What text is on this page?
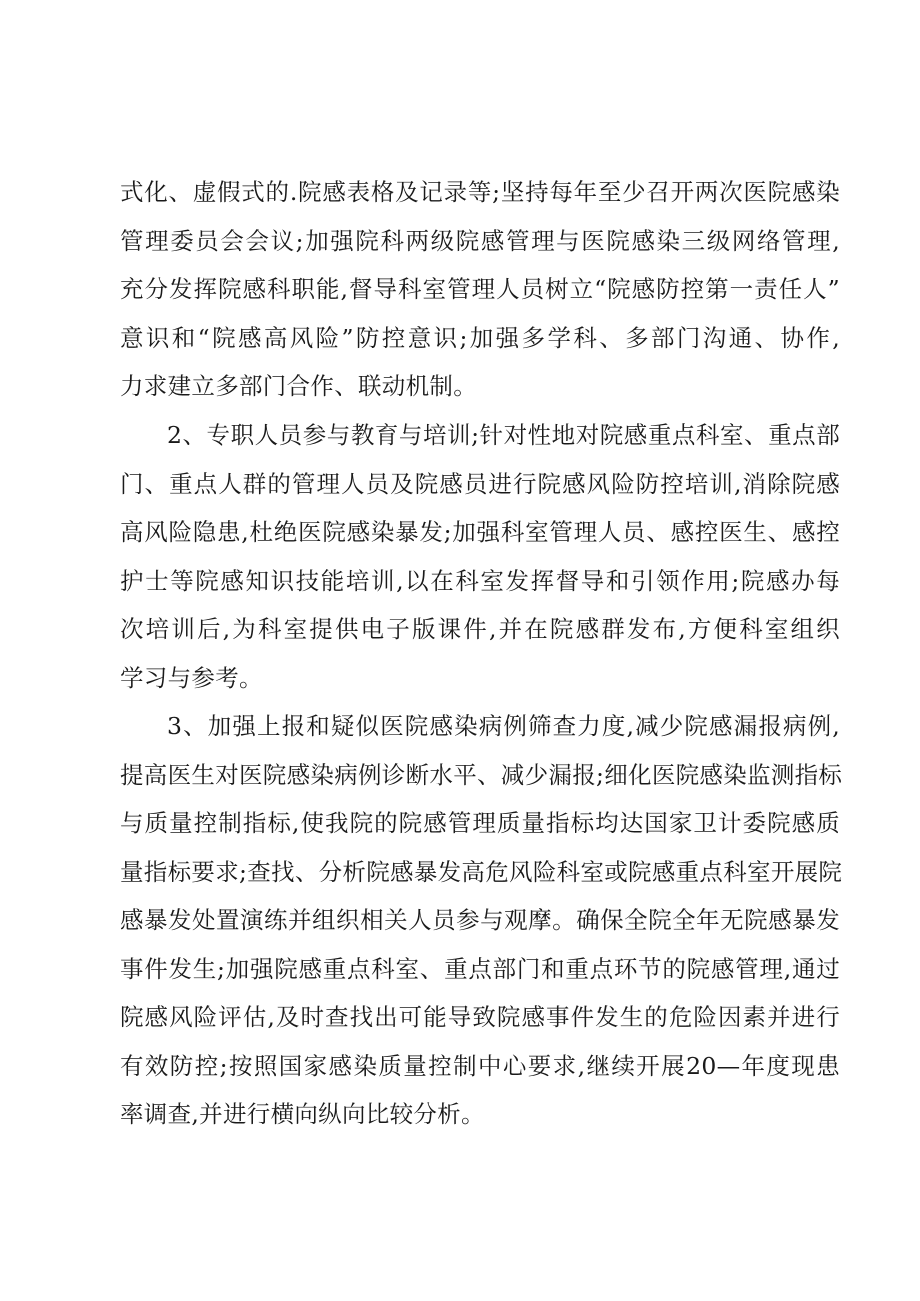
式化、虚假式的.院感表格及记录等;坚持每年至少召开两次医院感染
管理委员会会议;加强院科两级院感管理与医院感染三级网络管理,
充分发挥院感科职能,督导科室管理人员树立“院感防控第一责任人”
意识和“院感高风险”防控意识;加强多学科、多部门沟通、协作,
力求建立多部门合作、联动机制。
2、专职人员参与教育与培训;针对性地对院感重点科室、重点部
门、重点人群的管理人员及院感员进行院感风险防控培训,消除院感
高风险隐患,杜绝医院感染暴发;加强科室管理人员、感控医生、感控
护士等院感知识技能培训,以在科室发挥督导和引领作用;院感办每
次培训后,为科室提供电子版课件,并在院感群发布,方便科室组织
学习与参考。
3、加强上报和疑似医院感染病例筛查力度,减少院感漏报病例,
提高医生对医院感染病例诊断水平、减少漏报;细化医院感染监测指标
与质量控制指标,使我院的院感管理质量指标均达国家卫计委院感质
量指标要求;查找、分析院感暴发高危风险科室或院感重点科室开展院
感暴发处置演练并组织相关人员参与观摩。确保全院全年无院感暴发
事件发生;加强院感重点科室、重点部门和重点环节的院感管理,通过
院感风险评估,及时查找出可能导致院感事件发生的危险因素并进行
有效防控;按照国家感染质量控制中心要求,继续开展20—年度现患
率调查,并进行横向纵向比较分析。
